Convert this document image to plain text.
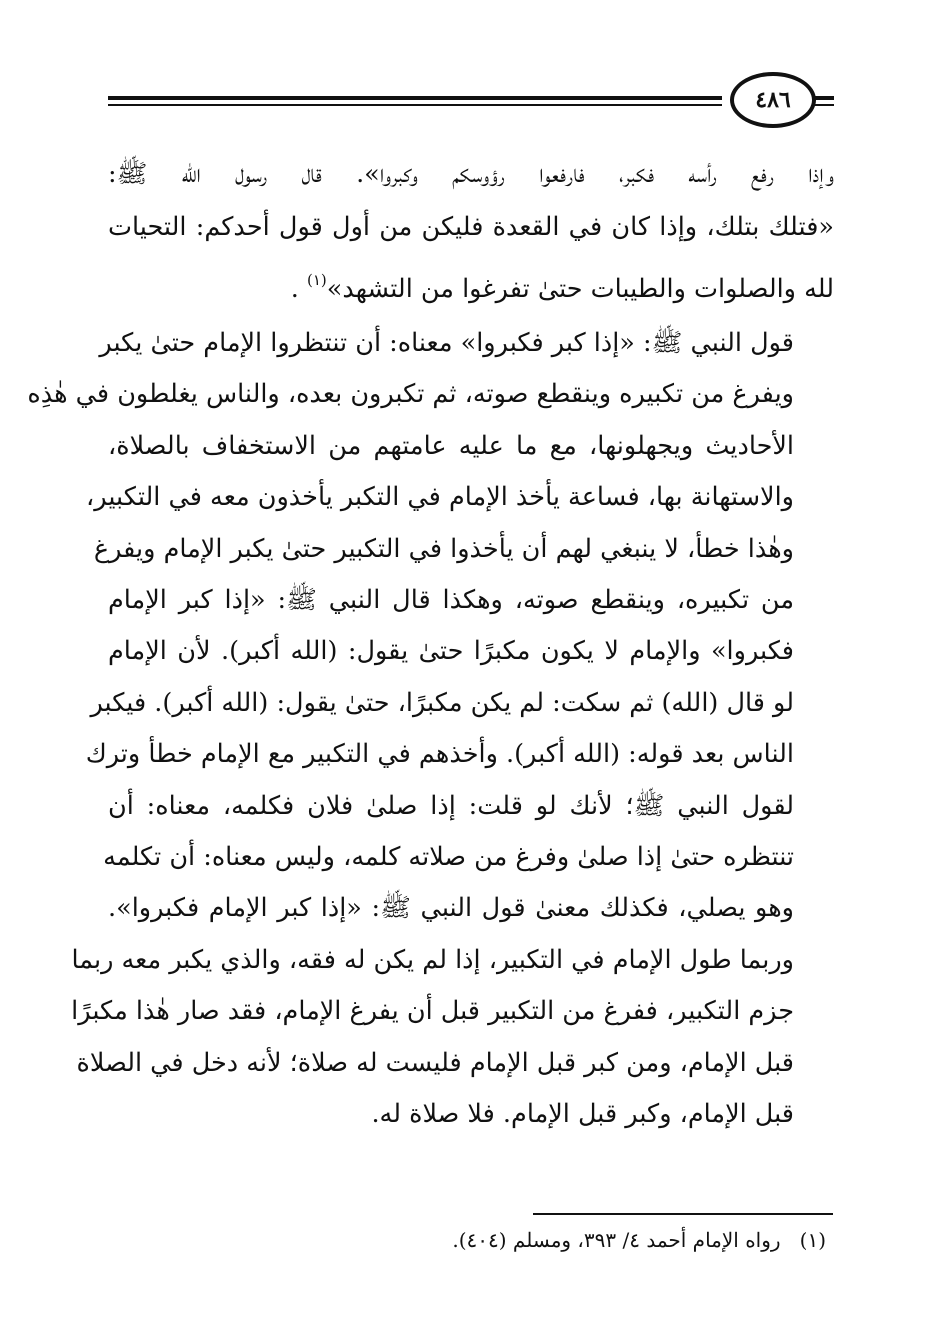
٤٨٦
وإذا رفع رأسه فكبر، فارفعوا رؤوسكم وكبروا». قال رسول الله ﷺ:
«فتلك بتلك، وإذا كان في القعدة فليكن من أول قول أحدكم: التحيات
لله والصلوات والطيبات حتىٰ تفرغوا من التشهد»$^{(١)}$ .
قول النبي ﷺ: «إذا كبر فكبروا» معناه: أن تنتظروا الإمام حتىٰ يكبر
ويفرغ من تكبيره وينقطع صوته، ثم تكبرون بعده، والناس يغلطون في هٰذِه
الأحاديث ويجهلونها، مع ما عليه عامتهم من الاستخفاف بالصلاة،
والاستهانة بها، فساعة يأخذ الإمام في التكبر يأخذون معه في التكبير،
وهٰذا خطأ، لا ينبغي لهم أن يأخذوا في التكبير حتىٰ يكبر الإمام ويفرغ
من تكبيره، وينقطع صوته، وهكذا قال النبي ﷺ: «إذا كبر الإمام
فكبروا» والإمام لا يكون مكبرًا حتىٰ يقول: (الله أكبر). لأن الإمام
لو قال (الله) ثم سكت: لم يكن مكبرًا، حتىٰ يقول: (الله أكبر). فيكبر
الناس بعد قوله: (الله أكبر). وأخذهم في التكبير مع الإمام خطأ وترك
لقول النبي ﷺ؛ لأنك لو قلت: إذا صلىٰ فلان فكلمه، معناه: أن
تنتظره حتىٰ إذا صلىٰ وفرغ من صلاته كلمه، وليس معناه: أن تكلمه
وهو يصلي، فكذلك معنىٰ قول النبي ﷺ: «إذا كبر الإمام فكبروا».
وربما طول الإمام في التكبير، إذا لم يكن له فقه، والذي يكبر معه ربما
جزم التكبير، ففرغ من التكبير قبل أن يفرغ الإمام، فقد صار هٰذا مكبرًا
قبل الإمام، ومن كبر قبل الإمام فليست له صلاة؛ لأنه دخل في الصلاة
قبل الإمام، وكبر قبل الإمام. فلا صلاة له.
(١)   رواه الإمام أحمد ٤/ ٣٩٣، ومسلم (٤٠٤).
